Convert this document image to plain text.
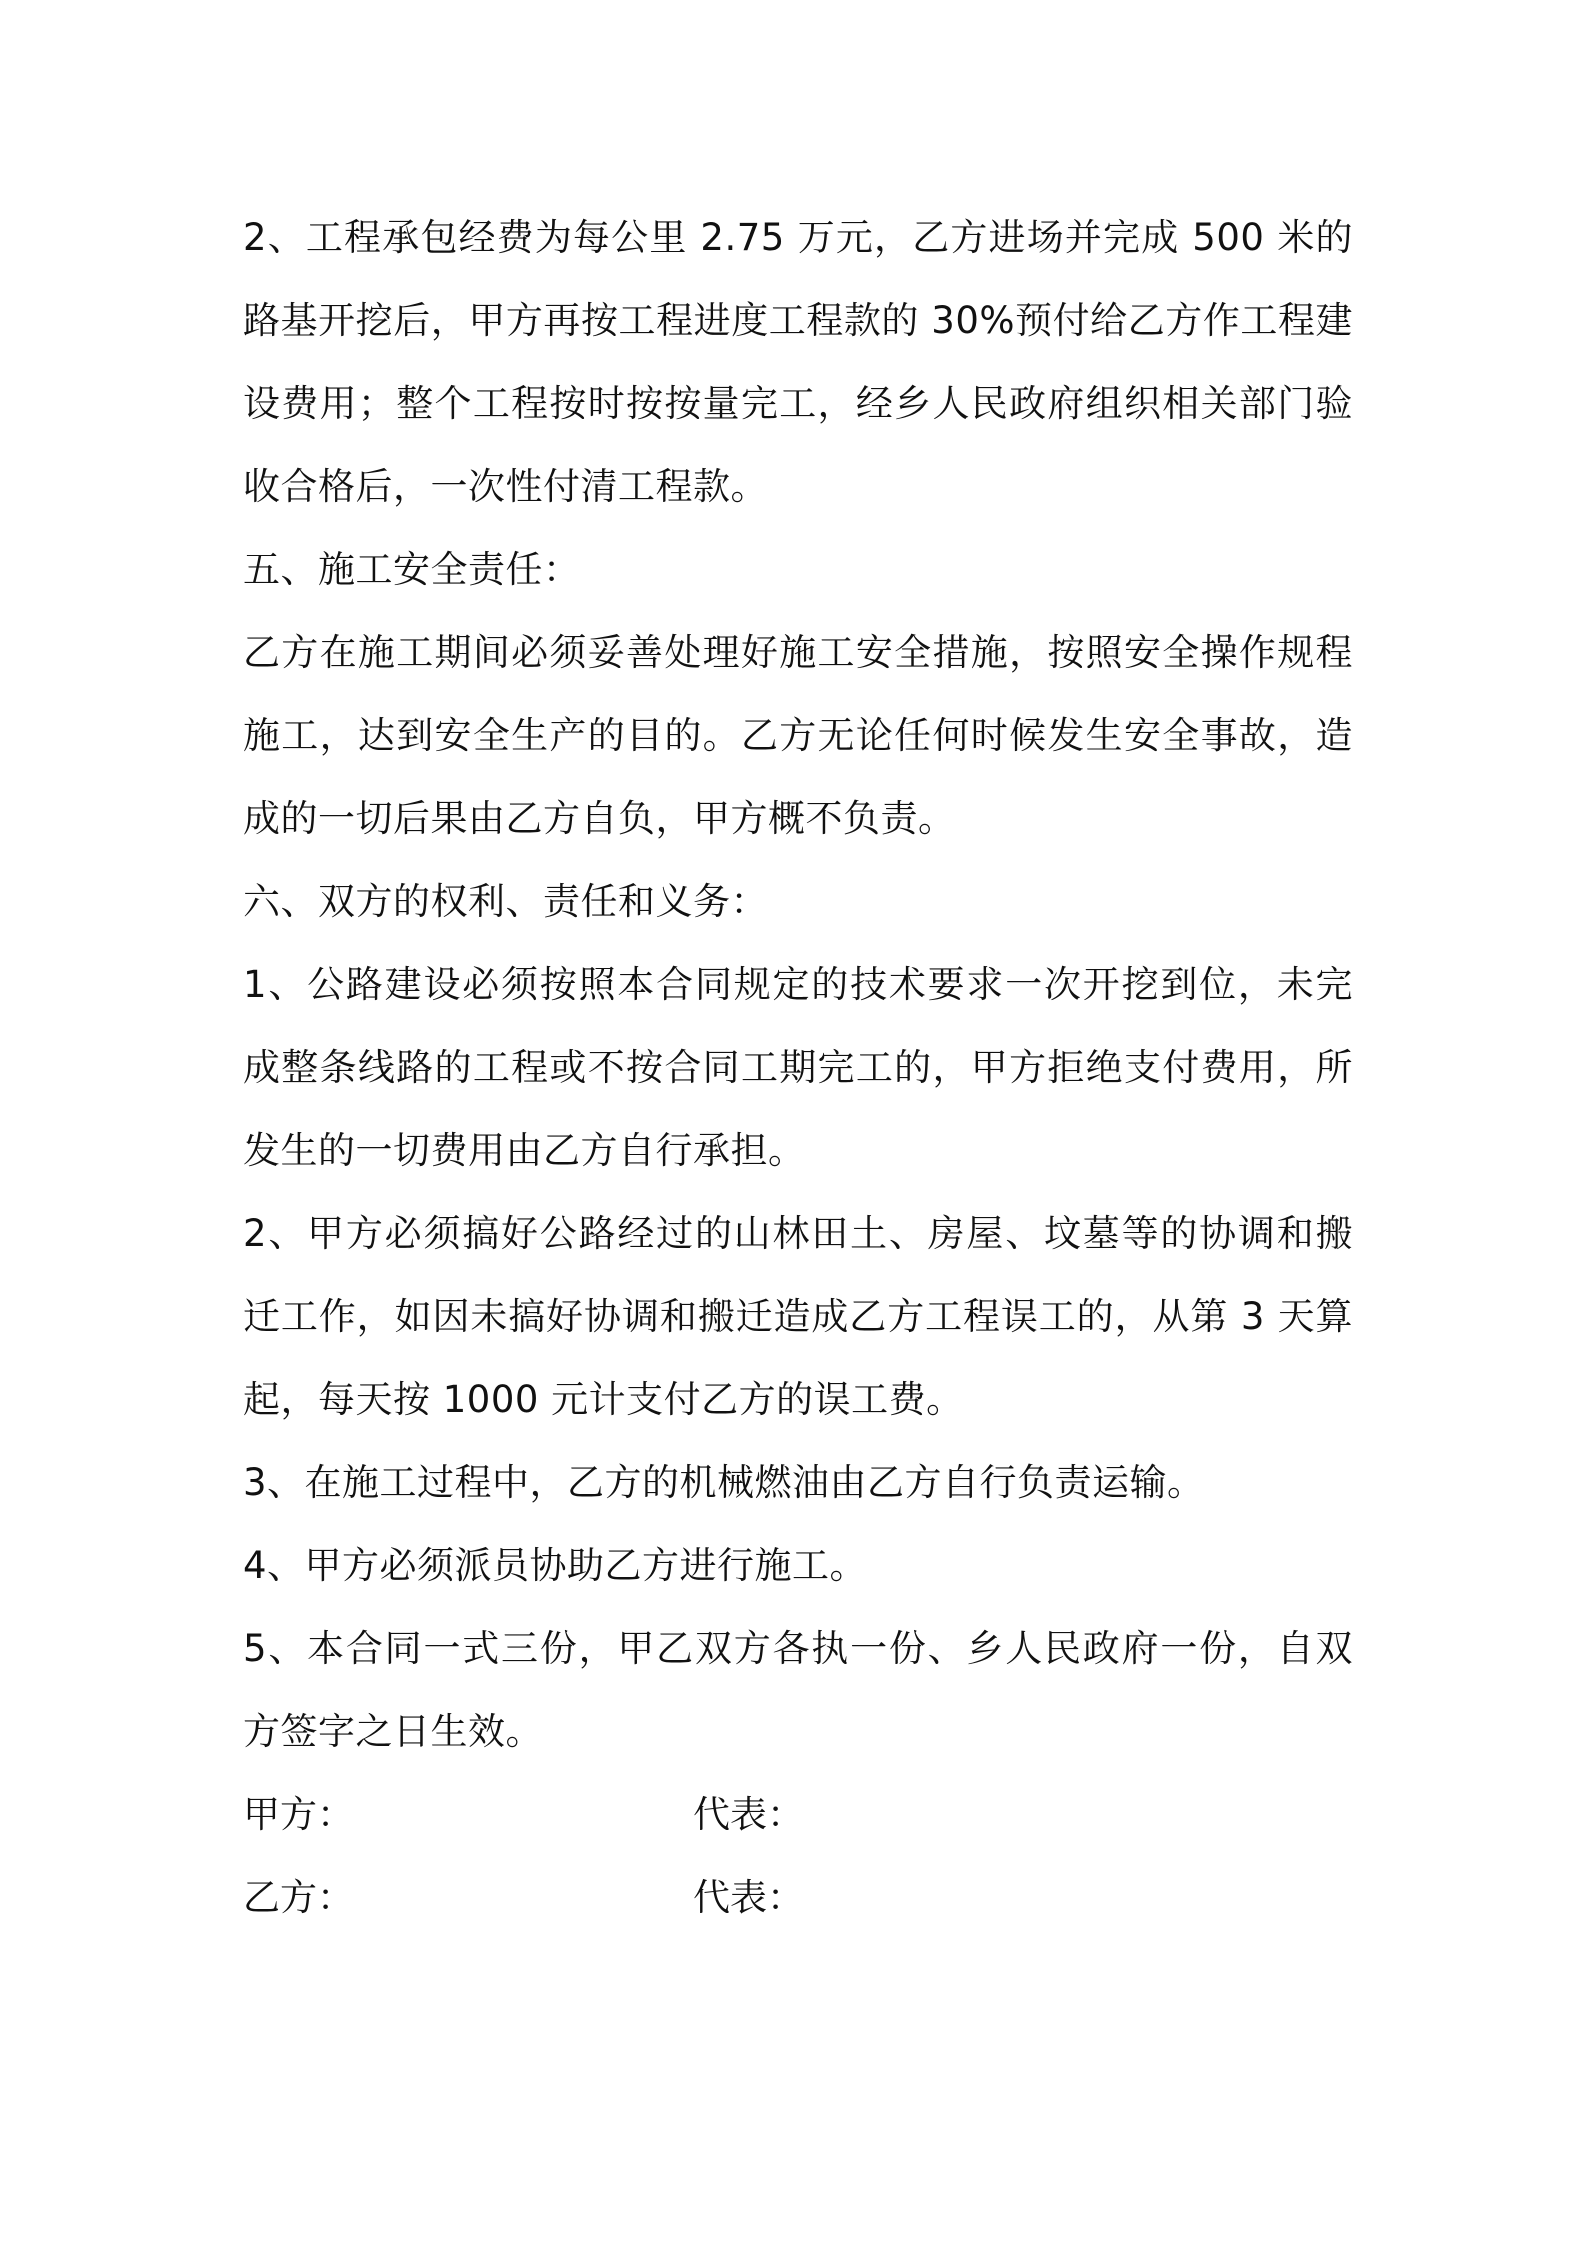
2、工程承包经费为每公里 2.75 万元，乙方进场并完成 500 米的路基开挖后，甲方再按工程进度工程款的 30%预付给乙方作工程建设费用；整个工程按时按按量完工，经乡人民政府组织相关部门验收合格后，一次性付清工程款。

五、施工安全责任：

乙方在施工期间必须妥善处理好施工安全措施，按照安全操作规程施工，达到安全生产的目的。乙方无论任何时候发生安全事故，造成的一切后果由乙方自负，甲方概不负责。

六、双方的权利、责任和义务：

1、公路建设必须按照本合同规定的技术要求一次开挖到位，未完成整条线路的工程或不按合同工期完工的，甲方拒绝支付费用，所发生的一切费用由乙方自行承担。

2、甲方必须搞好公路经过的山林田土、房屋、坟墓等的协调和搬迁工作，如因未搞好协调和搬迁造成乙方工程误工的，从第 3 天算起，每天按 1000 元计支付乙方的误工费。

3、在施工过程中，乙方的机械燃油由乙方自行负责运输。

4、甲方必须派员协助乙方进行施工。

5、本合同一式三份，甲乙双方各执一份、乡人民政府一份，自双方签字之日生效。

甲方：	代表：
乙方：	代表：
